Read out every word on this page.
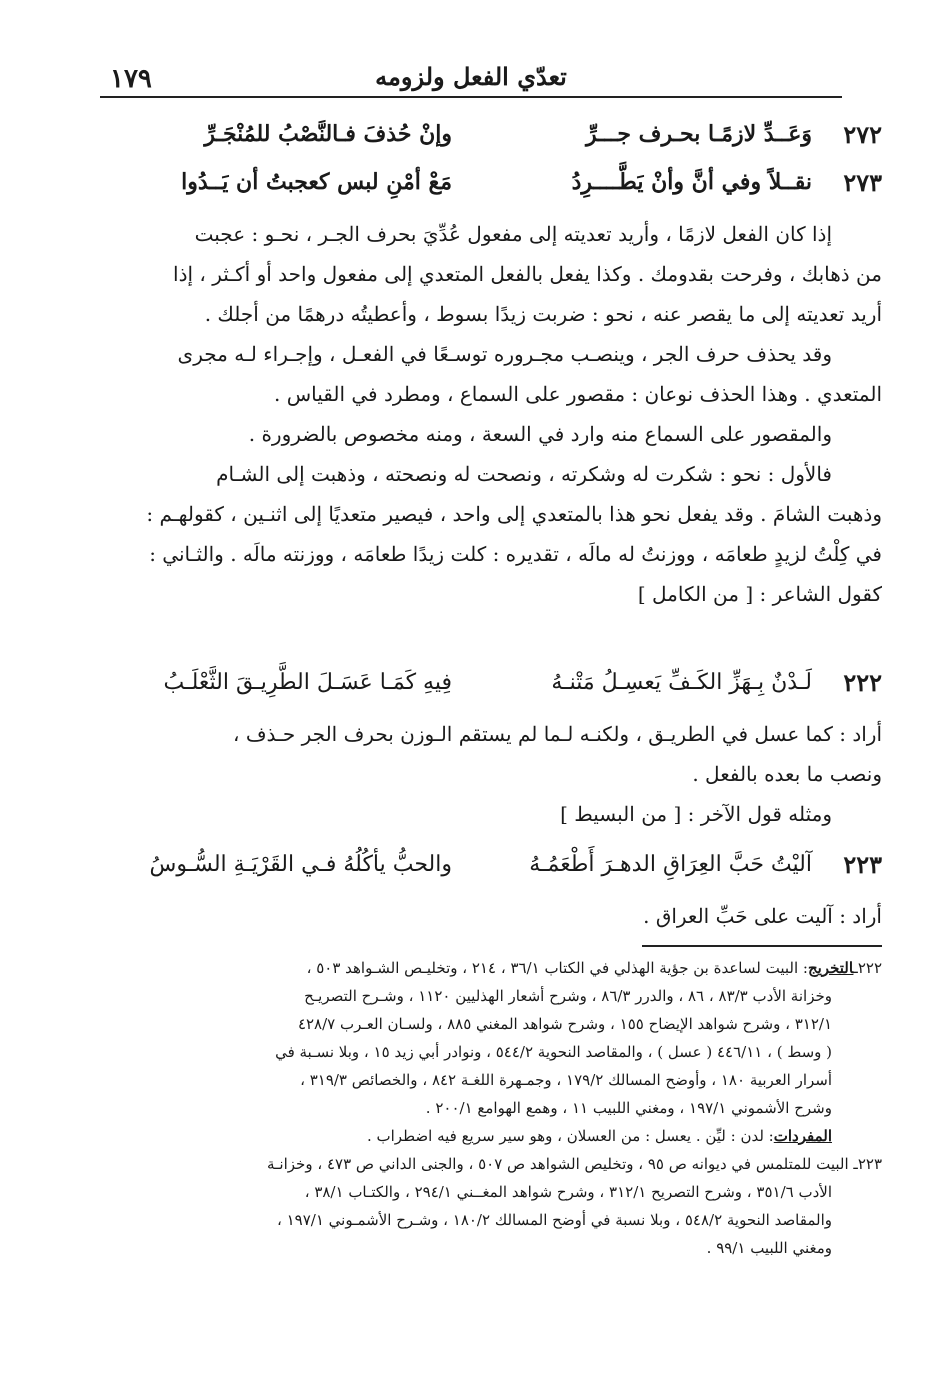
تعدّي الفعل ولزومه
١٧٩
٢٧٢
وَعَــدِّ لازمًـا بحـرف جـــرِّ
وإنْ حُذفَ فـالنَّصْبُ للمُنْجَـرِّ
٢٧٣
نقــلاً وفي أنَّ وأنْ يَطَّــــرِدُ
مَعْ أمْنِ لبس كعجبتُ أن يَــدُوا
إذا كان الفعل لازمًا ، وأريد تعديته إلى مفعول عُدِّيَ بحرف الجـر ، نحـو : عجبت
من ذهابك ، وفرحت بقدومك . وكذا يفعل بالفعل المتعدي إلى مفعول واحد أو أكـثر ، إذا
أريد تعديته إلى ما يقصر عنه ، نحو : ضربت زيدًا بسوط ، وأعطيتُه درهمًا من أجلك .
وقد يحذف حرف الجر ، وينصـب مجـروره توسـعًا في الفعـل ، وإجـراء لـه مجرى
المتعدي . وهذا الحذف نوعان : مقصور على السماع ، ومطرد في القياس .
والمقصور على السماع منه وارد في السعة ، ومنه مخصوص بالضرورة .
فالأول : نحو : شكرت له وشكرته ، ونصحت له ونصحته ، وذهبت إلى الشـام
وذهبت الشامَ . وقد يفعل نحو هذا بالمتعدي إلى واحد ، فيصير متعديًا إلى اثنـين ، كقولهـم :
في كِلْتُ لزيدٍ طعامَه ، ووزنتُ له مالَه ، تقديره : كلت زيدًا طعامَه ، ووزنته مالَه . والثـاني :
كقول الشاعر : [ من الكامل ]
٢٢٢
لَـدْنٌ بِـهَزِّ الكَـفِّ يَعسِـلُ مَتْنـهُ
فِيهِ كَمَـا عَسَـلَ الطَّرِيـقَ الثَّعْلَـبُ
أراد : كما عسل في الطريـق ، ولكنـه لـما لم يستقم الـوزن بحرف الجر حـذف ،
ونصب ما بعده بالفعل .
ومثله قول الآخر : [ من البسيط ]
٢٢٣
آليْتُ حَبَّ العِرَاقِ الدهـرَ أَطْعَمُـهُ
والحبُّ يأكُلُهُ فـي القَرْيَـةِ السُّـوسُ
أراد : آليت على حَبِّ العراق .
٢٢٢ـالتخريج: البيت لساعدة بن جؤية الهذلي في الكتاب ٣٦/١ ، ٢١٤ ، وتخليـص الشـواهد ٥٠٣ ،
وخزانة الأدب ٨٣/٣ ، ٨٦ ، والدرر ٨٦/٣ ، وشرح أشعار الهذليين ١١٢٠ ، وشـرح التصريـح
٣١٢/١ ، وشرح شواهد الإيضاح ١٥٥ ، وشرح شواهد المغني ٨٨٥ ، ولسـان العـرب ٤٢٨/٧
( وسط ) ، ٤٤٦/١١ ( عسل ) ، والمقاصد النحوية ٥٤٤/٢ ، ونوادر أبي زيد ١٥ ، وبلا نسـبة في
أسرار العربية ١٨٠ ، وأوضح المسالك ١٧٩/٢ ، وجمـهرة اللغـة ٨٤٢ ، والخصائص ٣١٩/٣ ،
وشرح الأشموني ١٩٧/١ ، ومغني اللبيب ١١ ، وهمع الهوامع ٢٠٠/١ .
المفردات: لدن : ليِّن . يعسل : من العسلان ، وهو سير سريع فيه اضطراب .
٢٢٣ـ البيت للمتلمس في ديوانه ص ٩٥ ، وتخليص الشواهد ص ٥٠٧ ، والجنى الداني ص ٤٧٣ ، وخزانـة
الأدب ٣٥١/٦ ، وشرح التصريح ٣١٢/١ ، وشرح شواهد المغــني ٢٩٤/١ ، والكتـاب ٣٨/١ ،
والمقاصد النحوية ٥٤٨/٢ ، وبلا نسبة في أوضح المسالك ١٨٠/٢ ، وشـرح الأشمـوني ١٩٧/١ ،
ومغني اللبيب ٩٩/١ .
